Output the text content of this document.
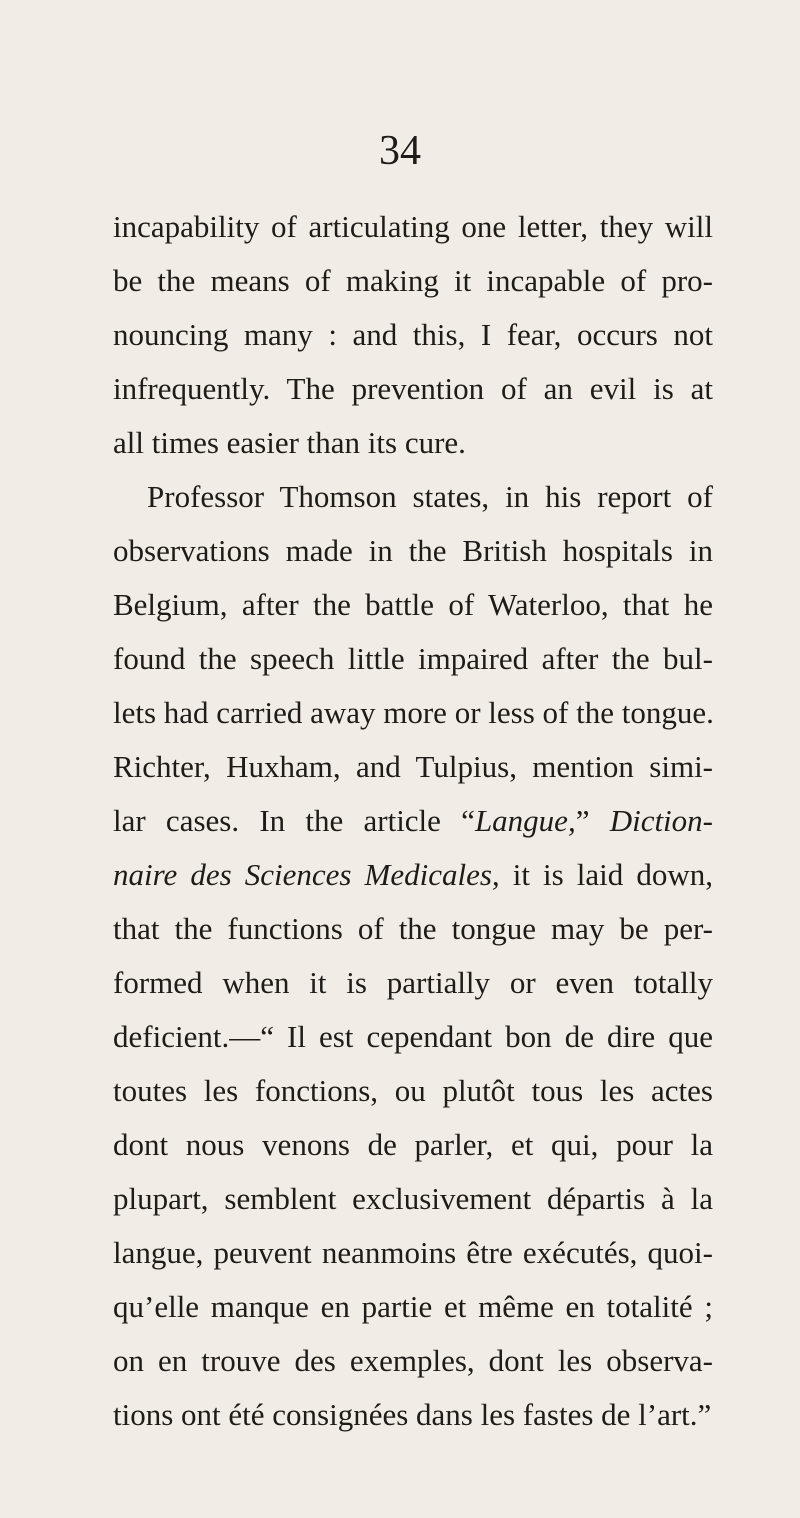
34
incapability of articulating one letter, they will
be the means of making it incapable of pro-
nouncing many : and this, I fear, occurs not
infrequently. The prevention of an evil is at
all times easier than its cure.
Professor Thomson states, in his report of
observations made in the British hospitals in
Belgium, after the battle of Waterloo, that he
found the speech little impaired after the bul-
lets had carried away more or less of the tongue.
Richter, Huxham, and Tulpius, mention simi-
lar cases. In the article “Langue,” Diction-
naire des Sciences Medicales, it is laid down,
that the functions of the tongue may be per-
formed when it is partially or even totally
deficient.—“ Il est cependant bon de dire que
toutes les fonctions, ou plutôt tous les actes
dont nous venons de parler, et qui, pour la
plupart, semblent exclusivement départis à la
langue, peuvent neanmoins être exécutés, quoi-
qu’elle manque en partie et même en totalité ;
on en trouve des exemples, dont les observa-
tions ont été consignées dans les fastes de l’art.”
